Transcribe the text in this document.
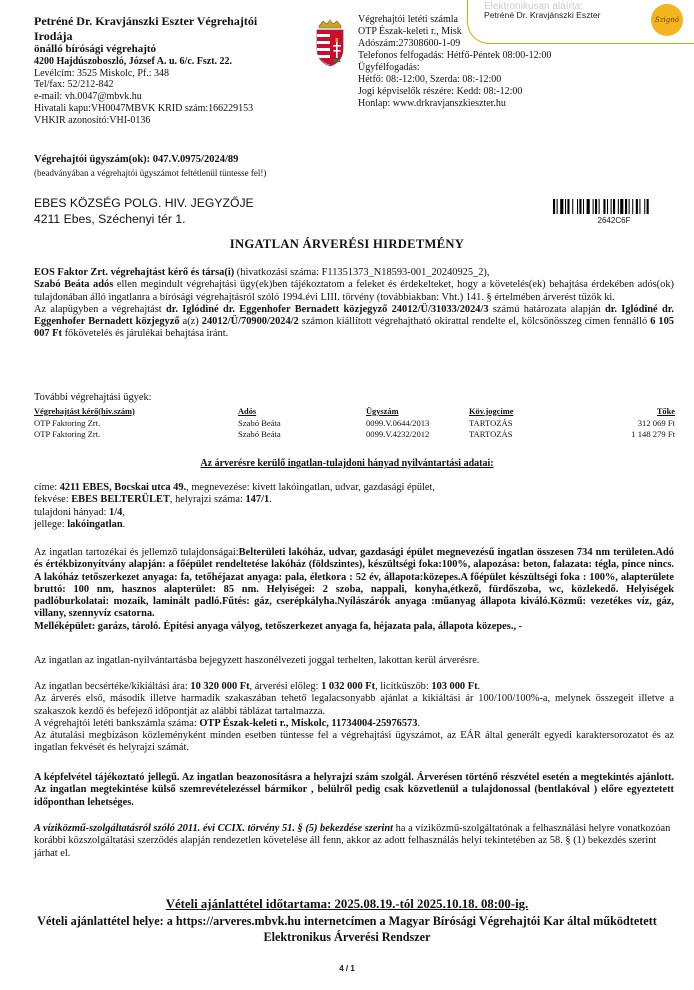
Petréné Dr. Kravjánszki Eszter Végrehajtói
Irodája
önálló bírósági végrehajtó
4200 Hajdúszoboszló, József A. u. 6/c. Fszt. 22.
Levélcím: 3525 Miskolc, Pf.: 348
Tel/fax: 52/212-842
e-mail: vh.0047@mbvk.hu
Hivatali kapu:VH0047MBVK KRID szám:166229153
VHKIR azonosító:VHI-0136
Végrehajtói letéti számla
OTP Észak-keleti r., Misk
Adószám:27308600-1-09
Telefonos felfogadás: Hétfő-Péntek 08:00-12:00
Ügyfélfogadás:
Hétfő: 08:-12:00, Szerda: 08:-12:00
Jogi képviselők részére: Kedd: 08:-12:00
Honlap: www.drkravjanszkieszter.hu
Elektronikusan aláírta:
Petréné Dr. Kravjánszki Eszter	Szignó
Végrehajtói ügyszám(ok): 047.V.0975/2024/89
(beadványában a végrehajtói ügyszámot feltétlenül tüntesse fel!)
EBES KÖZSÉG POLG. HIV. JEGYZŐJE
4211 Ebes, Széchenyi tér 1.	2642C6F
INGATLAN ÁRVERÉSI HIRDETMÉNY
EOS Faktor Zrt. végrehajtást kérő és társa(i) (hivatkozási száma: F11351373_N18593-001_20240925_2),
Szabó Beáta adós ellen megindult végrehajtási ügy(ek)ben tájékoztatom a feleket és érdekelteket, hogy a követelés(ek) behajtása érdekében adós(ok) tulajdonában álló ingatlanra a bírósági végrehajtásról szóló 1994.évi LIII. törvény (továbbiakban: Vht.) 141. § értelmében árverést tűzök ki.
Az alapügyben a végrehajtást dr. Iglódiné dr. Eggenhofer Bernadett közjegyző 24012/Ü/31033/2024/3 számú határozata alapján dr. Iglódiné dr. Eggenhofer Bernadett közjegyző a(z) 24012/Ü/70900/2024/2 számon kiállított végrehajtható okirattal rendelte el, kölcsönösszeg címen fennálló 6 105 007 Ft főkövetelés és járulékai behajtása iránt.
További végrehajtási ügyek:
Végrehajtást kérő(hiv.szám)	Adós	Ügyszám	Köv.jogcíme	Tőke
OTP Faktoring Zrt.	Szabó Beáta	0099.V.0644/2013	TARTOZÁS	312 069 Ft
OTP Faktoring Zrt.	Szabó Beáta	0099.V.4232/2012	TARTOZÁS	1 148 279 Ft
Az árverésre kerülő ingatlan-tulajdoni hányad nyilvántartási adatai:
címe: 4211 EBES, Bocskai utca 49., megnevezése: kivett lakóingatlan, udvar, gazdasági épület,
fekvése: EBES BELTERÜLET, helyrajzi száma: 147/1.
tulajdoni hányad: 1/4,
jellege: lakóingatlan.
Az ingatlan tartozékai és jellemző tulajdonságai:Belterületi lakóház, udvar, gazdasági épület megnevezésű ingatlan összesen 734 nm területen.Adó és értékbizonyítvány alapján: a főépület rendeltetése lakóház (földszintes), készültségi foka:100%, alapozása: beton, falazata: tégla, pince nincs. A lakóház tetőszerkezet anyaga: fa, tetőhéjazat anyaga: pala, életkora : 52 év, állapota:közepes.A főépület készültségi foka : 100%, alapterülete bruttó: 100 nm, hasznos alapterület: 85 nm. Helyiségei: 2 szoba, nappali, konyha,étkező, fürdőszoba, wc, közlekedő. Helyiségek padlóburkolatai: mozaik, laminált padló.Fűtés: gáz, cserépkályha.Nyílászárók anyaga :műanyag állapota kiváló.Közmű: vezetékes víz, gáz, villany, szennyvíz csatorna.
Melléképület: garázs, tároló. Építési anyaga vályog, tetőszerkezet anyaga fa, héjazata pala, állapota közepes., -
Az ingatlan az ingatlan-nyilvántartásba bejegyzett haszonélvezeti joggal terhelten, lakottan kerül árverésre.
Az ingatlan becsértéke/kikiáltási ára: 10 320 000 Ft, árverési előleg: 1 032 000 Ft, licitküszöb: 103 000 Ft.
Az árverés első, második illetve harmadik szakaszában tehető legalacsonyabb ajánlat a kikiáltási ár 100/100/100%-a, melynek összegeit illetve a szakaszok kezdő és befejező időpontját az alábbi táblázat tartalmazza.
A végrehajtói letéti bankszámla száma: OTP Észak-keleti r., Miskolc, 11734004-25976573.
Az átutalási megbízáson közleményként minden esetben tüntesse fel a végrehajtási ügyszámot, az EÁR által generált egyedi karaktersorozatot és az ingatlan fekvését és helyrajzi számát.
A képfelvétel tájékoztató jellegű. Az ingatlan beazonosításra a helyrajzi szám szolgál. Árverésen történő részvétel esetén a megtekintés ajánlott. Az ingatlan megtekintése külső szemrevételezéssel bármikor , belülről pedig csak közvetlenül a tulajdonossal (bentlakóval ) előre egyeztetett időponthan lehetséges.
A víziközmű-szolgáltatásról szóló 2011. évi CCIX. törvény 51. § (5) bekezdése szerint ha a víziközmű-szolgáltatónak a felhasználási helyre vonatkozóan korábbi közszolgáltatási szerződés alapján rendezetlen követelése áll fenn, akkor az adott felhasználás helyi tekintetében az 58. § (1) bekezdés szerint járhat el.
Vételi ajánlattétel időtartama: 2025.08.19.-tól 2025.10.18. 08:00-ig.
Vételi ajánlattétel helye: a https://arveres.mbvk.hu internetcímen a Magyar Bírósági Végrehajtói Kar által működtetett Elektronikus Árverési Rendszer
4 / 1
